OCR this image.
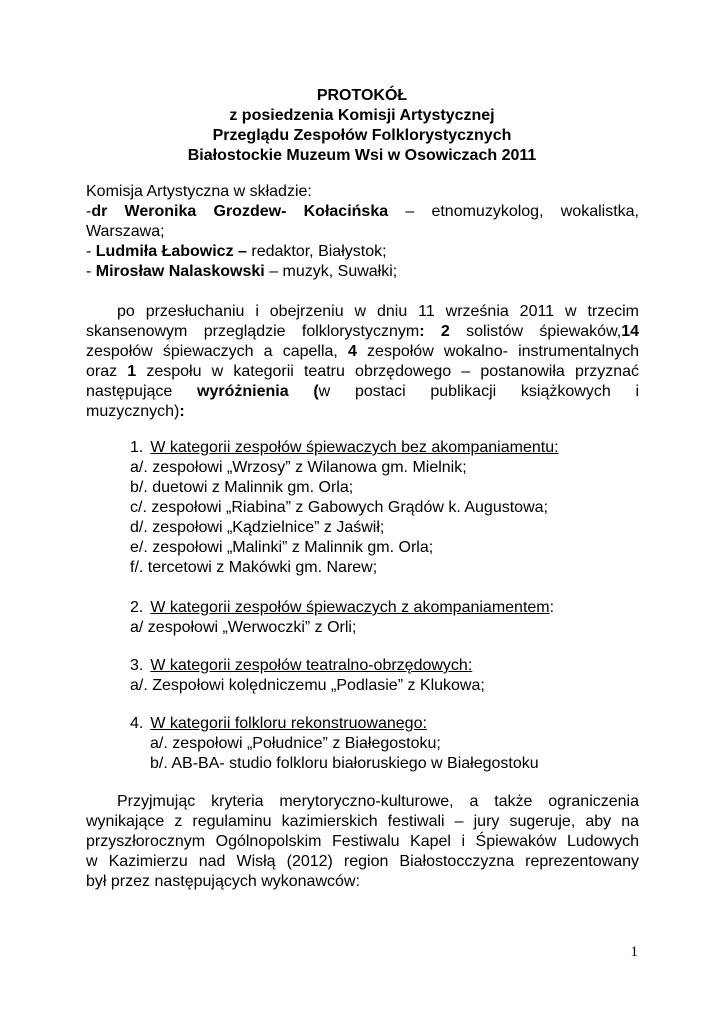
PROTOKÓŁ
z posiedzenia Komisji Artystycznej
Przeglądu Zespołów Folklorystycznych
Białostockie Muzeum Wsi w Osowiczach 2011
Komisja Artystyczna w składzie:
-dr Weronika Grozdew- Kołacińska – etnomuzykolog, wokalistka,
Warszawa;
- Ludmiła Łabowicz – redaktor, Białystok;
- Mirosław Nalaskowski – muzyk, Suwałki;
po przesłuchaniu i obejrzeniu w dniu 11 września 2011 w trzecim
skansenowym przeglądzie folklorystycznym: 2 solistów śpiewaków,14
zespołów śpiewaczych a capella, 4 zespołów wokalno- instrumentalnych
oraz 1 zespołu w kategorii teatru obrzędowego – postanowiła przyznać
następujące wyróżnienia (w postaci publikacji książkowych i
muzycznych):
1. W kategorii zespołów śpiewaczych bez akompaniamentu:
a/. zespołowi „Wrzosy” z Wilanowa gm. Mielnik;
b/. duetowi z Malinnik gm. Orla;
c/. zespołowi „Riabina” z Gabowych Grądów k. Augustowa;
d/. zespołowi „Kądzielnice” z Jaświł;
e/. zespołowi „Malinki” z Malinnik gm. Orla;
f/. tercetowi z Makówki gm. Narew;
2. W kategorii zespołów śpiewaczych z akompaniamentem:
a/ zespołowi „Werwoczki” z Orli;
3. W kategorii zespołów teatralno-obrzędowych:
a/. Zespołowi kolędniczemu „Podlasie” z Klukowa;
4. W kategorii folkloru rekonstruowanego:
a/. zespołowi „Południce” z Białegostoku;
b/. AB-BA- studio folkloru białoruskiego w Białegostoku
Przyjmując kryteria merytoryczno-kulturowe, a także ograniczenia
wynikające z regulaminu kazimierskich festiwali – jury sugeruje, aby na
przyszłorocznym Ogólnopolskim Festiwalu Kapel i Śpiewaków Ludowych
w Kazimierzu nad Wisłą (2012) region Białostocczyzna reprezentowany
był przez następujących wykonawców:
1
